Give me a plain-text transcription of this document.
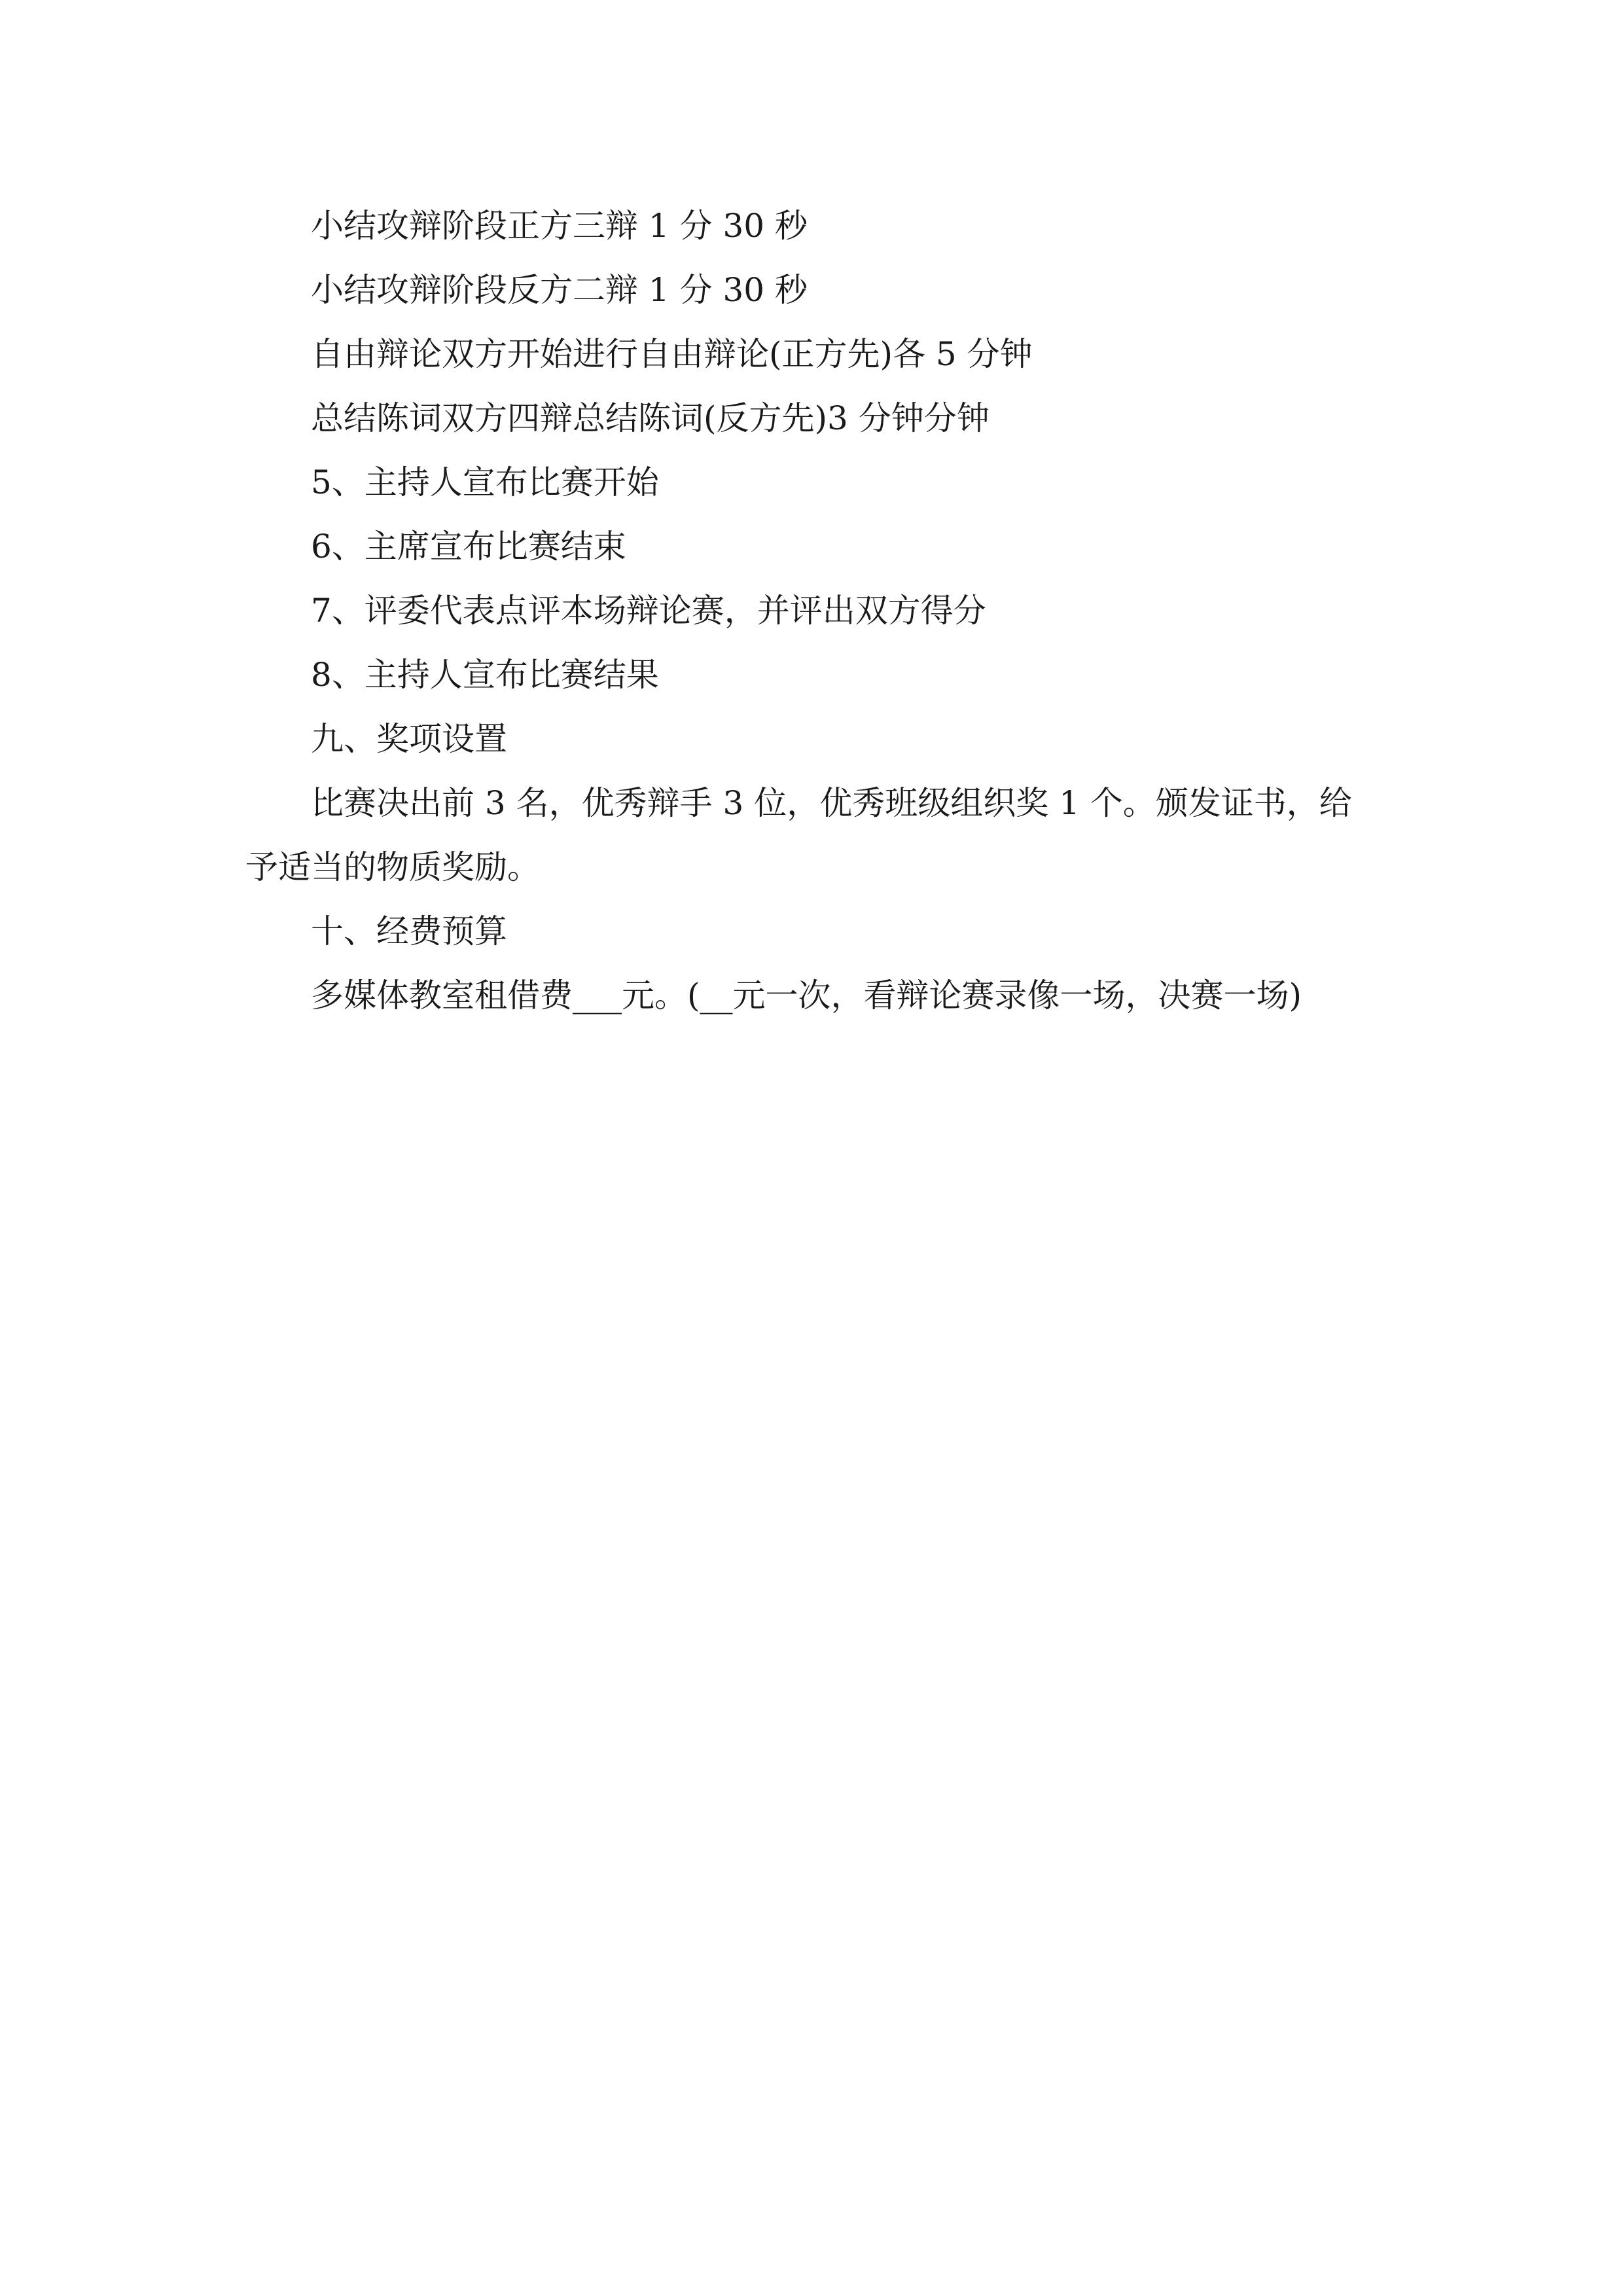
小结攻辩阶段正方三辩 1 分 30 秒

小结攻辩阶段反方二辩 1 分 30 秒

自由辩论双方开始进行自由辩论(正方先)各 5 分钟

总结陈词双方四辩总结陈词(反方先)3 分钟分钟

5、主持人宣布比赛开始

6、主席宣布比赛结束

7、评委代表点评本场辩论赛，并评出双方得分

8、主持人宣布比赛结果

九、奖项设置

比赛决出前 3 名，优秀辩手 3 位，优秀班级组织奖 1 个。颁发证书，给予适当的物质奖励。

十、经费预算

多媒体教室租借费___元。(__元一次，看辩论赛录像一场，决赛一场)
